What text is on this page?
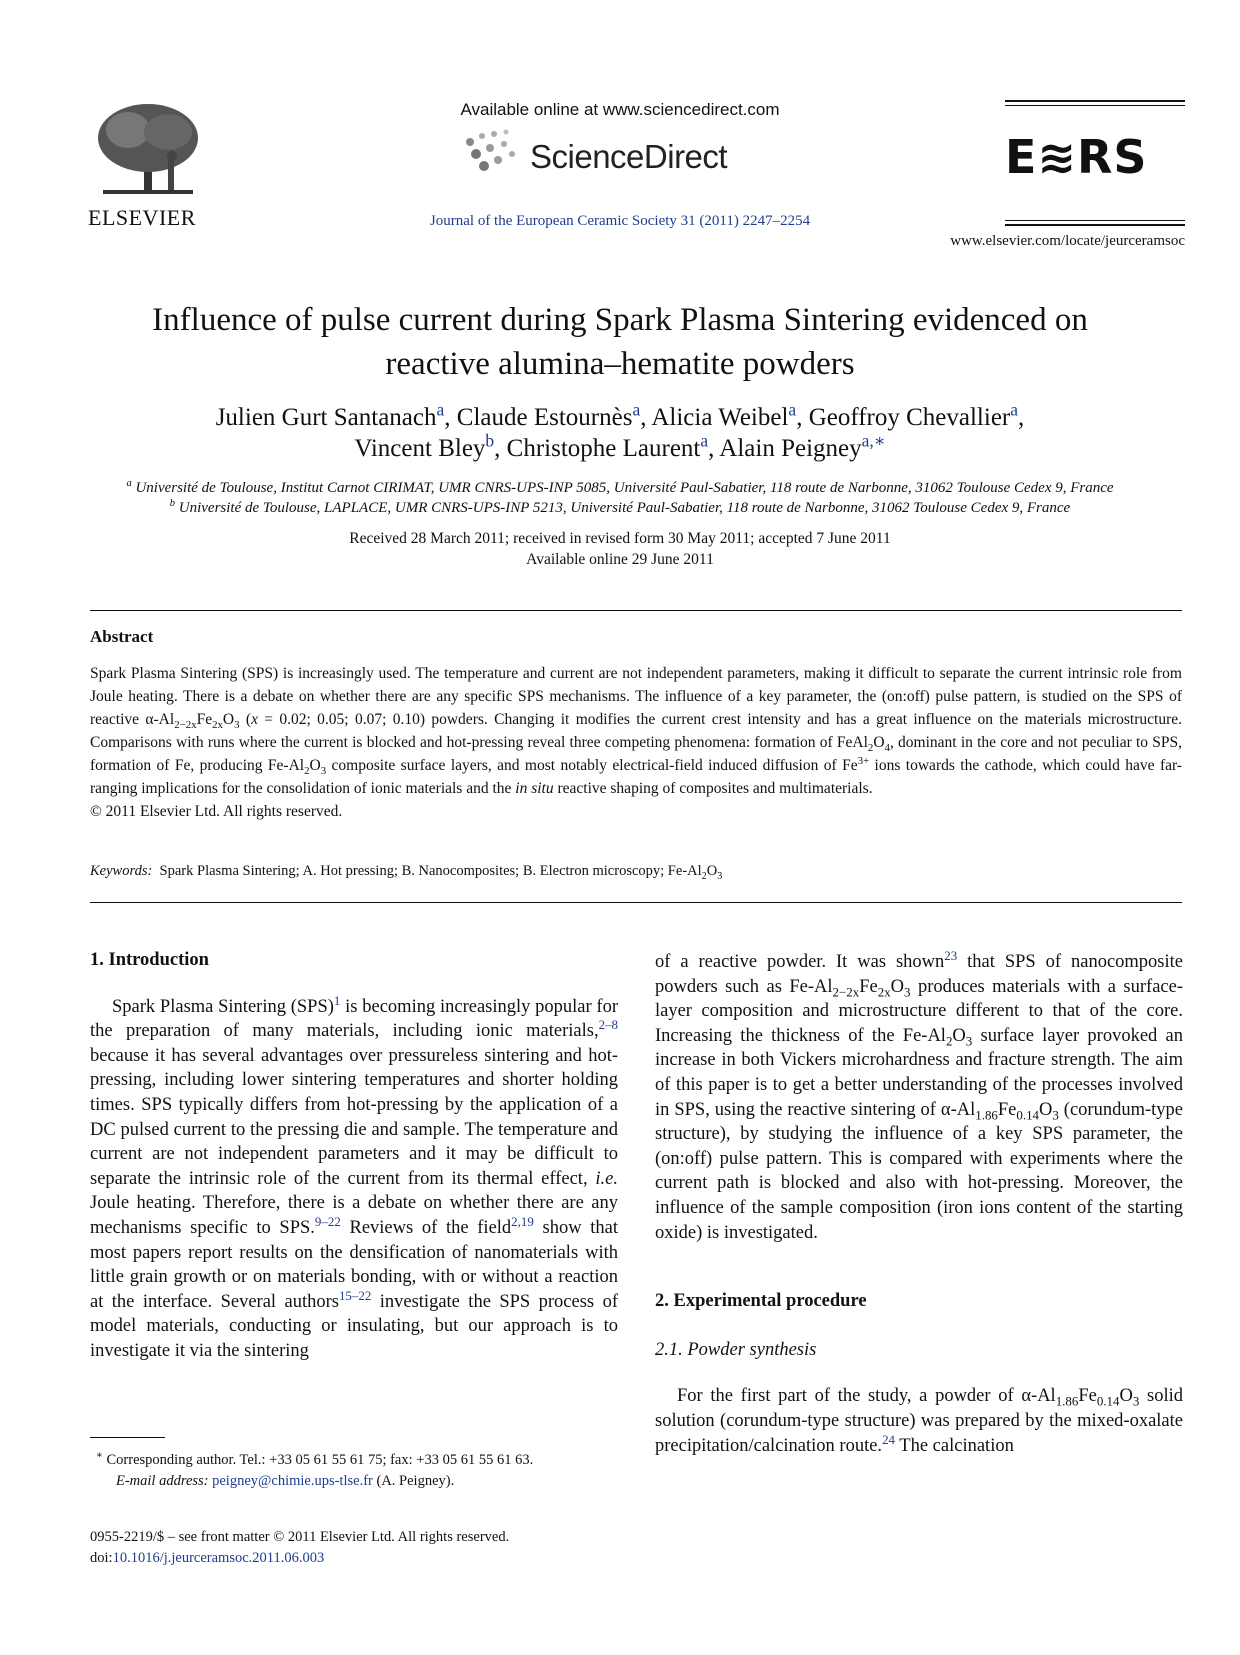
ELSEVIER
Available online at www.sciencedirect.com
ScienceDirect
Journal of the European Ceramic Society 31 (2011) 2247–2254
E≋RS
www.elsevier.com/locate/jeurceramsoc
Influence of pulse current during Spark Plasma Sintering evidenced on
reactive alumina–hematite powders
Julien Gurt Santanach$^a$, Claude Estournès$^a$, Alicia Weibel$^a$, Geoffroy Chevallier$^a$,
Vincent Bley$^b$, Christophe Laurent$^a$, Alain Peigney$^{a,∗}$
$^a$ Université de Toulouse, Institut Carnot CIRIMAT, UMR CNRS-UPS-INP 5085, Université Paul-Sabatier, 118 route de Narbonne, 31062 Toulouse Cedex 9, France
$^b$ Université de Toulouse, LAPLACE, UMR CNRS-UPS-INP 5213, Université Paul-Sabatier, 118 route de Narbonne, 31062 Toulouse Cedex 9, France
Received 28 March 2011; received in revised form 30 May 2011; accepted 7 June 2011
Available online 29 June 2011
Abstract
Spark Plasma Sintering (SPS) is increasingly used. The temperature and current are not independent parameters, making it difficult to separate the current intrinsic role from Joule heating. There is a debate on whether there are any specific SPS mechanisms. The influence of a key parameter, the (on:off) pulse pattern, is studied on the SPS of reactive $\alpha-Al_{2-2x}Fe_{2x}O_3$ (x = 0.02; 0.05; 0.07; 0.10) powders. Changing it modifies the current crest intensity and has a great influence on the materials microstructure. Comparisons with runs where the current is blocked and hot-pressing reveal three competing phenomena: formation of $FeAl_2O_4$, dominant in the core and not peculiar to SPS, formation of Fe, producing $Fe-Al_2O_3$ composite surface layers, and most notably electrical-field induced diffusion of $Fe^{3+}$ ions towards the cathode, which could have far-ranging implications for the consolidation of ionic materials and the in situ reactive shaping of composites and multimaterials.
© 2011 Elsevier Ltd. All rights reserved.
Keywords:  Spark Plasma Sintering; A. Hot pressing; B. Nanocomposites; B. Electron microscopy; $Fe-Al_2O_3$
1. Introduction
Spark Plasma Sintering (SPS)$^1$ is becoming increasingly popular for the preparation of many materials, including ionic materials,$^{2-8}$ because it has several advantages over pressureless sintering and hot-pressing, including lower sintering temperatures and shorter holding times. SPS typically differs from hot-pressing by the application of a DC pulsed current to the pressing die and sample. The temperature and current are not independent parameters and it may be difficult to separate the intrinsic role of the current from its thermal effect, i.e. Joule heating. Therefore, there is a debate on whether there are any mechanisms specific to SPS.$^{9-22}$ Reviews of the field$^{2,19}$ show that most papers report results on the densification of nanomaterials with little grain growth or on materials bonding, with or without a reaction at the interface. Several authors$^{15-22}$ investigate the SPS process of model materials, conducting or insulating, but our approach is to investigate it via the sintering
of a reactive powder. It was shown$^{23}$ that SPS of nanocomposite powders such as $Fe-Al_{2-2x}Fe_{2x}O_3$ produces materials with a surface-layer composition and microstructure different to that of the core. Increasing the thickness of the $Fe-Al_2O_3$ surface layer provoked an increase in both Vickers microhardness and fracture strength. The aim of this paper is to get a better understanding of the processes involved in SPS, using the reactive sintering of $\alpha-Al_{1.86}Fe_{0.14}O_3$ (corundum-type structure), by studying the influence of a key SPS parameter, the (on:off) pulse pattern. This is compared with experiments where the current path is blocked and also with hot-pressing. Moreover, the influence of the sample composition (iron ions content of the starting oxide) is investigated.
2. Experimental procedure
2.1. Powder synthesis
For the first part of the study, a powder of $\alpha-Al_{1.86}Fe_{0.14}O_3$ solid solution (corundum-type structure) was prepared by the mixed-oxalate precipitation/calcination route.$^{24}$ The calcination
∗ Corresponding author. Tel.: +33 05 61 55 61 75; fax: +33 05 61 55 61 63.
E-mail address: peigney@chimie.ups-tlse.fr (A. Peigney).
0955-2219/$ – see front matter © 2011 Elsevier Ltd. All rights reserved.
doi:10.1016/j.jeurceramsoc.2011.06.003
